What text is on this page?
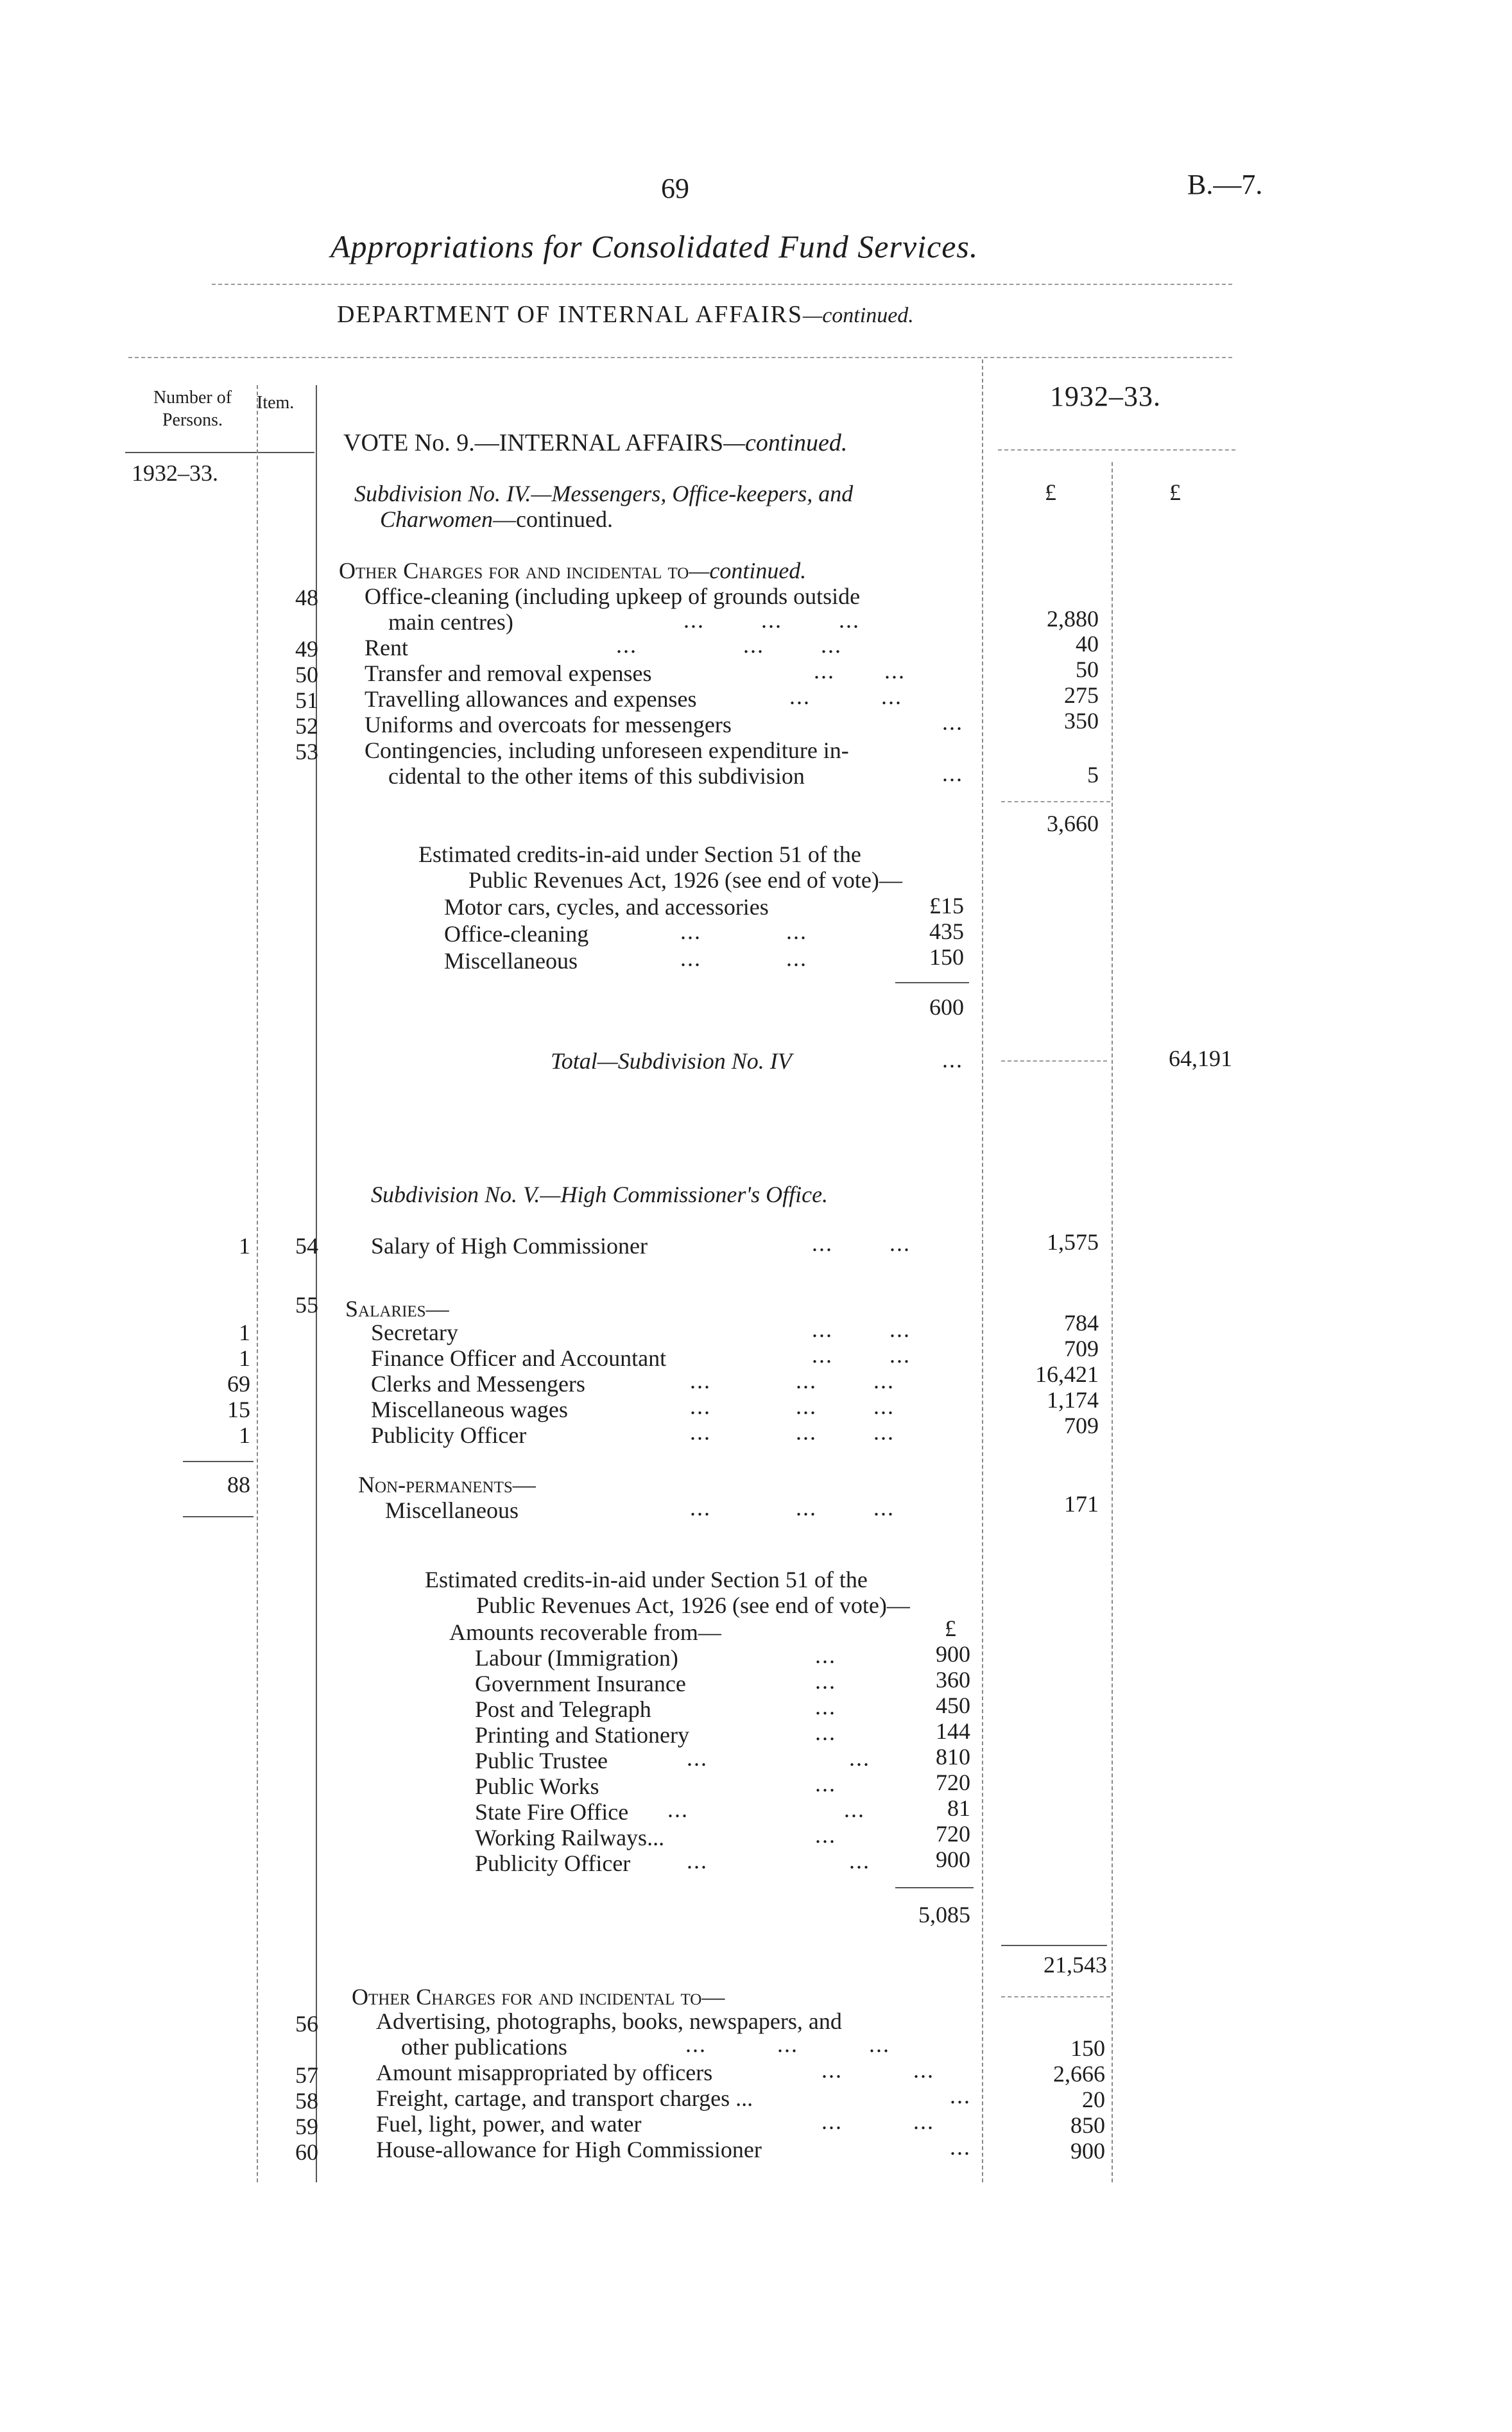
69	B.—7.
Appropriations for Consolidated Fund Services.
DEPARTMENT OF INTERNAL AFFAIRS—continued.
Number of Persons.
Item.	1932–33.
1932–33.
£	£
VOTE No. 9.—INTERNAL AFFAIRS—continued.
Subdivision No. IV.—Messengers, Office-keepers, and
Charwomen—continued.
Other Charges for and incidental to—continued.
48 Office-cleaning (including upkeep of grounds outside
main centres)	...        ...        ...	2,880
49 Rent	...               ...        ...	40
50 Transfer and removal expenses	...       ...	50
51 Travelling allowances and expenses	...          ...	275
52 Uniforms and overcoats for messengers	...	350
53 Contingencies, including unforeseen expenditure in-
cidental to the other items of this subdivision	...	5
3,660
Estimated credits-in-aid under Section 51 of the
Public Revenues Act, 1926 (see end of vote)—
Motor cars, cycles, and accessories	£15
Office-cleaning	...            ...	435
Miscellaneous	...            ...	150
600
Total—Subdivision No. IV	...	64,191
Subdivision No. V.—High Commissioner's Office.
1	54 Salary of High Commissioner	...        ...	1,575
55 Salaries—
1	Secretary	...        ...	784
1	Finance Officer and Accountant	...        ...	709
69	Clerks and Messengers	...            ...        ...	16,421
15	Miscellaneous wages	...            ...        ...	1,174
1	Publicity Officer	...            ...        ...	709
88	Non-permanents—
Miscellaneous	...            ...        ...	171
Estimated credits-in-aid under Section 51 of the
Public Revenues Act, 1926 (see end of vote)—
Amounts recoverable from—	£
Labour (Immigration)	...	900
Government Insurance	...	360
Post and Telegraph	...	450
Printing and Stationery	...	144
Public Trustee	...                    ...	810
Public Works	...	720
State Fire Office ...                      ...	81
Working Railways...	...	720
Publicity Officer ...                    ...	900
5,085
21,543
Other Charges for and incidental to—
56	Advertising, photographs, books, newspapers, and
other publications	...          ...          ...	150
57	Amount misappropriated by officers	...          ...	2,666
58	Freight, cartage, and transport charges ...	...	20
59	Fuel, light, power, and water	...          ...	850
60	House-allowance for High Commissioner	...	900
